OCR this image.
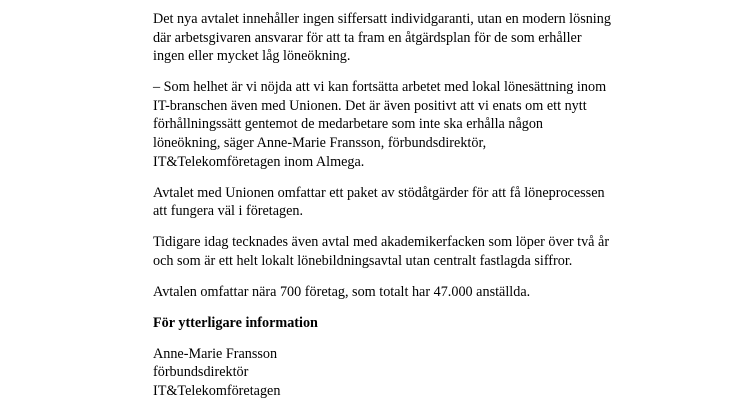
Det nya avtalet innehåller ingen siffersatt individgaranti, utan en modern lösning där arbetsgivaren ansvarar för att ta fram en åtgärdsplan för de som erhåller ingen eller mycket låg löneökning.

– Som helhet är vi nöjda att vi kan fortsätta arbetet med lokal lönesättning inom IT-branschen även med Unionen. Det är även positivt att vi enats om ett nytt förhållningssätt gentemot de medarbetare som inte ska erhålla någon löneökning, säger Anne-Marie Fransson, förbundsdirektör, IT&Telekomföretagen inom Almega.

Avtalet med Unionen omfattar ett paket av stödåtgärder för att få löneprocessen att fungera väl i företagen.

Tidigare idag tecknades även avtal med akademikerfacken som löper över två år och som är ett helt lokalt lönebildningsavtal utan centralt fastlagda siffror.

Avtalen omfattar nära 700 företag, som totalt har 47.000 anställda.

För ytterligare information

Anne-Marie Fransson
förbundsdirektör
IT&Telekomföretagen
